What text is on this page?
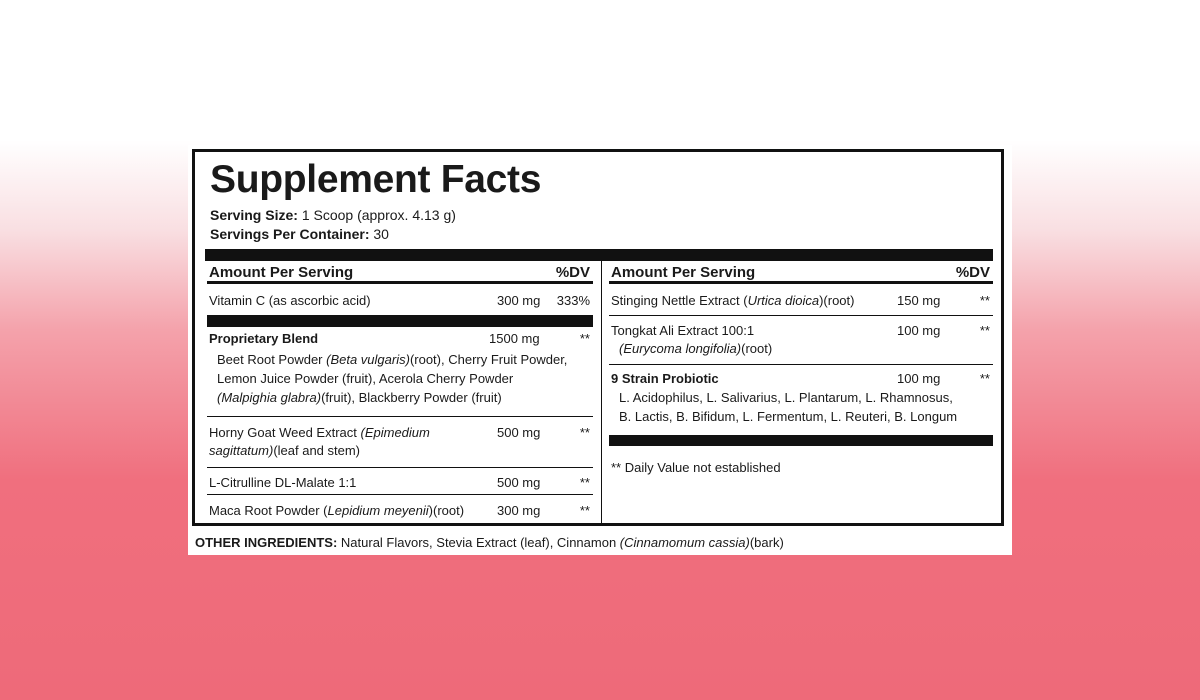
Supplement Facts
Serving Size: 1 Scoop (approx. 4.13 g)
Servings Per Container: 30
Amount Per Serving	%DV
Vitamin C (as ascorbic acid)	300 mg 333%
Proprietary Blend	1500 mg	**
Beet Root Powder (Beta vulgaris)(root), Cherry Fruit Powder,
Lemon Juice Powder (fruit), Acerola Cherry Powder
(Malpighia glabra)(fruit), Blackberry Powder (fruit)
Horny Goat Weed Extract (Epimedium
sagittatum)(leaf and stem)
500 mg	**
L-Citrulline DL-Malate 1:1	500 mg	**
Maca Root Powder (Lepidium meyenii)(root)	300 mg	**
Amount Per Serving	%DV
Stinging Nettle Extract (Urtica dioica)(root)	150 mg	**
Tongkat Ali Extract 100:1
(Eurycoma longifolia)(root)
100 mg	**
9 Strain Probiotic	100 mg	**
L. Acidophilus, L. Salivarius, L. Plantarum, L. Rhamnosus,
B. Lactis, B. Bifidum, L. Fermentum, L. Reuteri, B. Longum
** Daily Value not established
OTHER INGREDIENTS: Natural Flavors, Stevia Extract (leaf), Cinnamon (Cinnamomum cassia)(bark)
